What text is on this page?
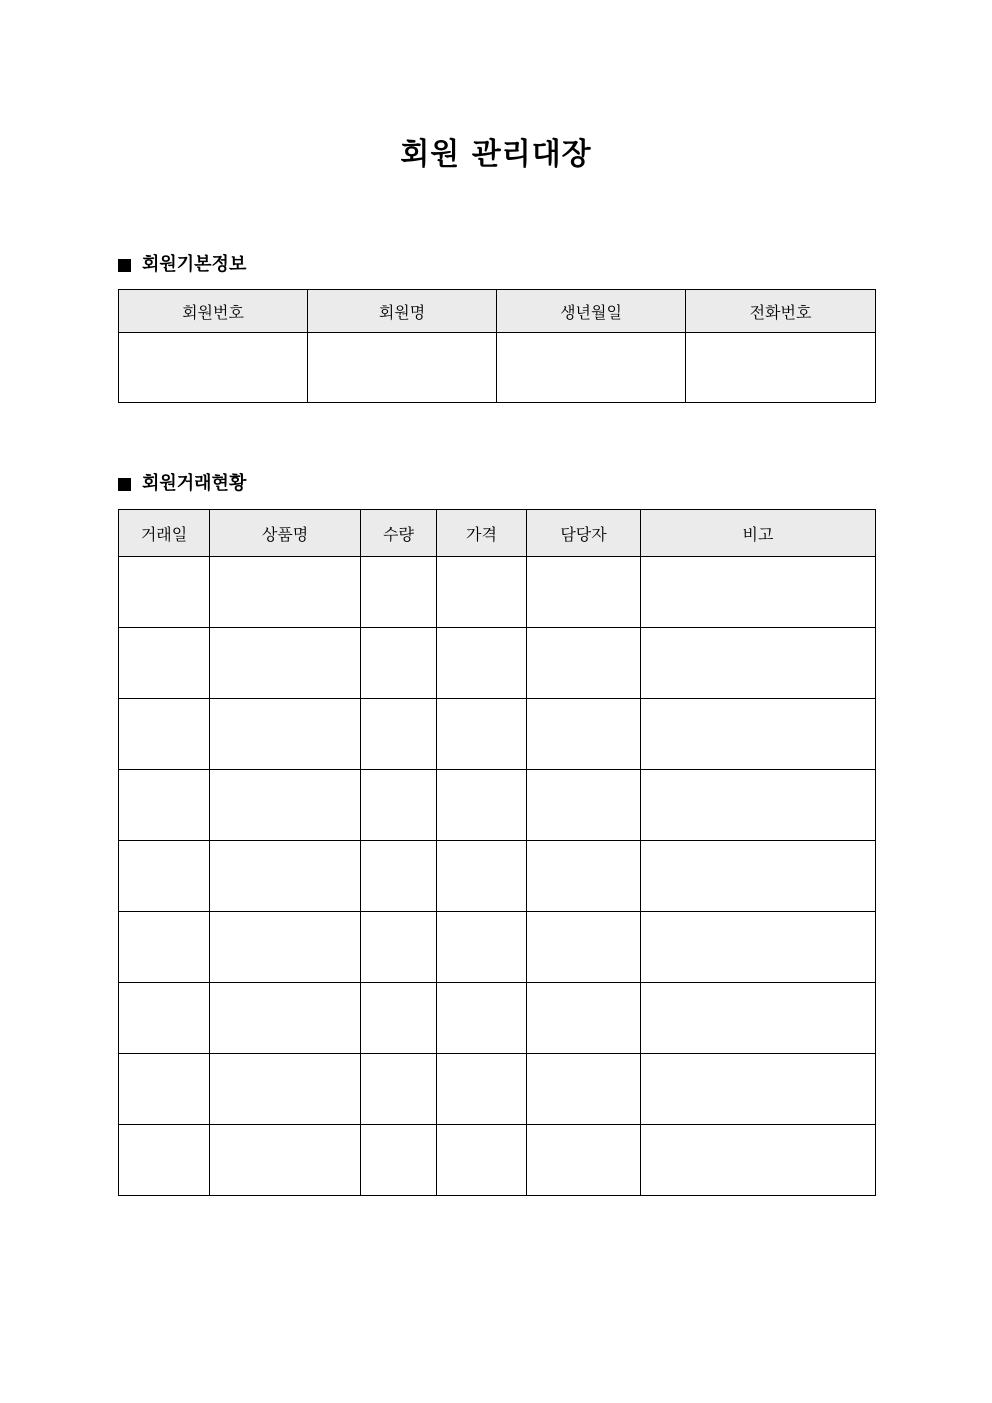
회원 관리대장
회원기본정보
회원번호	회원명	생년월일	전화번호

회원거래현황
거래일	상품명	수량	가격	담당자	비고
